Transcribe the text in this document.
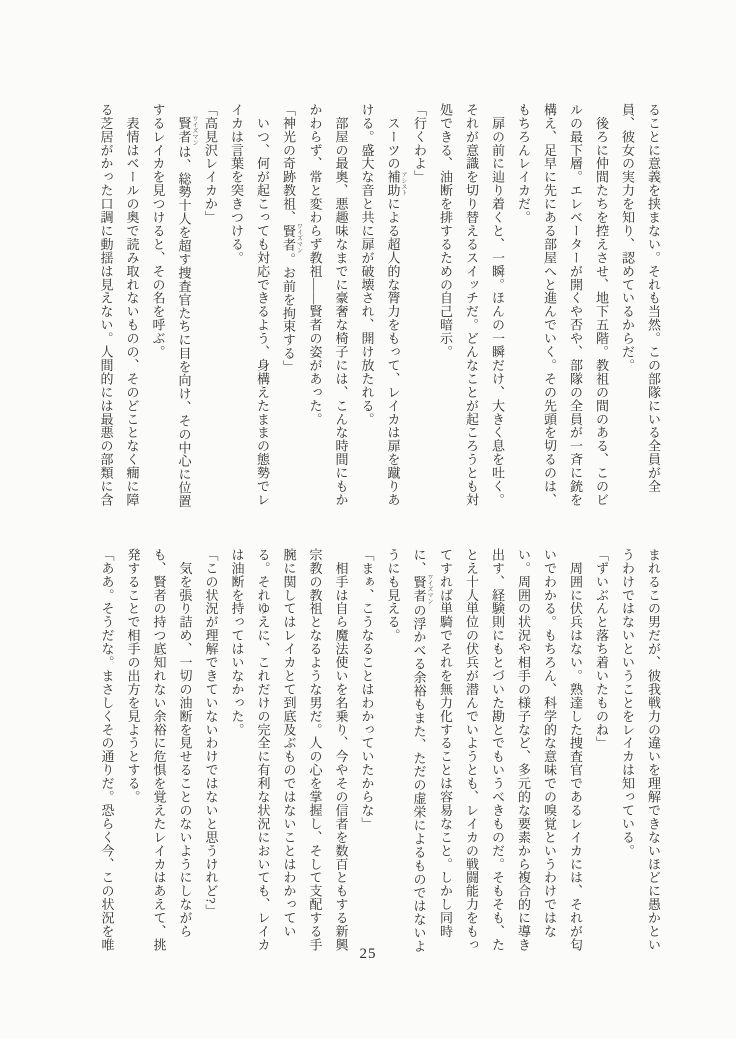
ることに意義を挟まない。それも当然。この部隊にいる全員が全

員、彼女の実力を知り、認めているからだ。

　後ろに仲間たちを控えさせ、地下五階。教祖の間のある、このビ

ルの最下層。エレベーターが開くや否や、部隊の全員が一斉に銃を

構え、足早に先にある部屋へと進んでいく。その先頭を切るのは、

もちろんレイカだ。

　扉の前に辿り着くと、一瞬。ほんの一瞬だけ、大きく息を吐く。

それが意識を切り替えるスイッチだ。どんなことが起ころうとも対

処できる、油断を排するための自己暗示。

「行くわよ」

　スーツの補助 アシストによる超人的な膂力をもって、レイカは扉を蹴りあ

ける。盛大な音と共に扉が破壊され、開け放たれる。

　部屋の最奥、悪趣味なまでに豪奢な椅子には、こんな時間にもか

かわらず、常と変わらず教祖――賢者の姿があった。

「神光の奇跡教祖、賢者 ワイズマン。お前を拘束する」

　いつ、何が起こっても対応できるよう、身構えたままの態勢でレ

イカは言葉を突きつける。

「高見沢レイカか」

　賢者 ワイズマンは、総勢十人を超す捜査官たちに目を向け、その中心に位置

するレイカを見つけると、その名を呼ぶ。

　表情はベールの奥で読み取れないものの、そのどことなく癇に障

る芝居がかった口調に動揺は見えない。人間的には最悪の部類に含

まれるこの男だが、彼我戦力の違いを理解できないほどに愚かとい

うわけではないということをレイカは知っている。

「ずいぶんと落ち着いたものね」

　周囲に伏兵はない。熟達した捜査官であるレイカには、それが匂

いでわかる。もちろん、科学的な意味での嗅覚というわけではな

い。周囲の状況や相手の様子など、多元的な要素から複合的に導き

出す、経験則にもとづいた勘とでもいうべきものだ。そもそも、た

とえ十人単位の伏兵が潜んでいようとも、レイカの戦闘能力をもっ

てすれば単騎でそれを無力化することは容易なこと。しかし同時

に、賢者 ワイズマンの浮かべる余裕もまた、ただの虚栄によるものではないよ

うにも見える。

「まぁ、こうなることはわかっていたからな」

　相手は自ら魔法使いを名乗り、今やその信者を数百ともする新興

宗教の教祖となるような男だ。人の心を掌握し、そして支配する手

腕に関してはレイカとて到底及ぶものではないことはわかってい

る。それゆえに、これだけの完全に有利な状況においても、レイカ

は油断を持ってはいなかった。

「この状況が理解できていないわけではないと思うけれど?」

　気を張り詰め、一切の油断を見せることのないようにしながら

も、賢者の持つ底知れない余裕に危惧を覚えたレイカはあえて、挑

発することで相手の出方を見ようとする。

「ああ。そうだな。まさしくその通りだ。恐らく今、この状況を唯

25
